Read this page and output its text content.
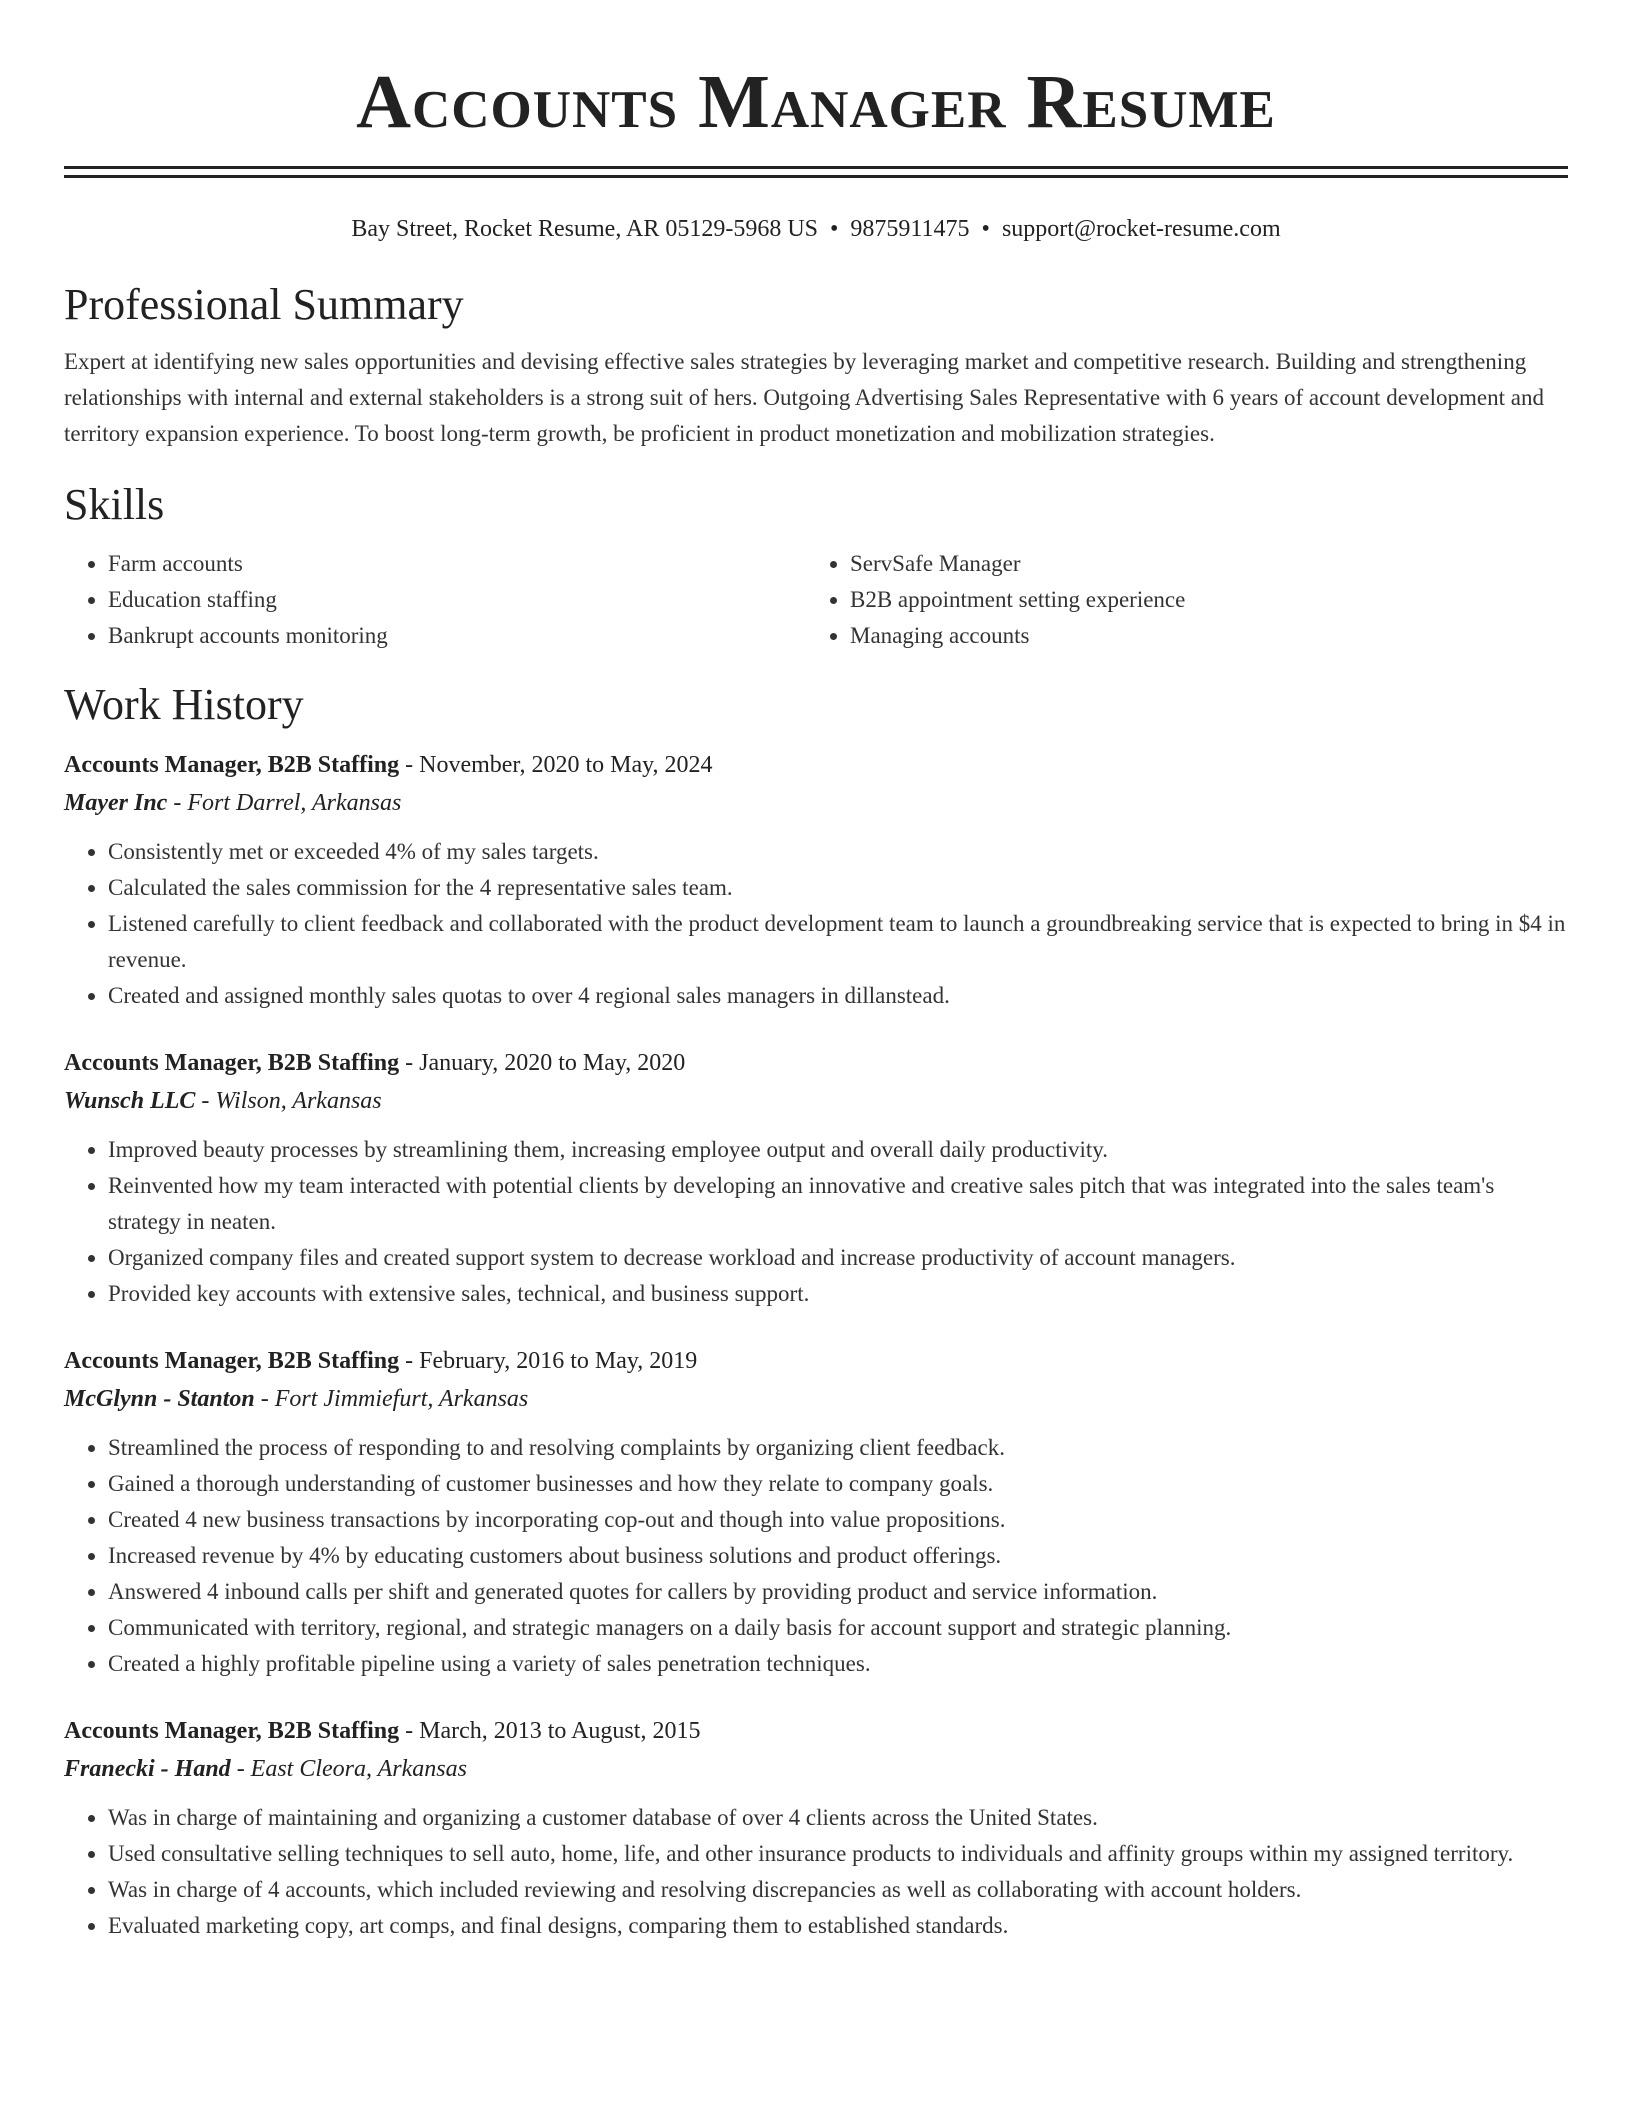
Accounts Manager Resume
Bay Street, Rocket Resume, AR 05129-5968 US • 9875911475 • support@rocket-resume.com
Professional Summary
Expert at identifying new sales opportunities and devising effective sales strategies by leveraging market and competitive research. Building and strengthening relationships with internal and external stakeholders is a strong suit of hers. Outgoing Advertising Sales Representative with 6 years of account development and territory expansion experience. To boost long-term growth, be proficient in product monetization and mobilization strategies.
Skills
• Farm accounts
• Education staffing
• Bankrupt accounts monitoring
• ServSafe Manager
• B2B appointment setting experience
• Managing accounts
Work History
Accounts Manager, B2B Staffing - November, 2020 to May, 2024
Mayer Inc - Fort Darrel, Arkansas
• Consistently met or exceeded 4% of my sales targets.
• Calculated the sales commission for the 4 representative sales team.
• Listened carefully to client feedback and collaborated with the product development team to launch a groundbreaking service that is expected to bring in $4 in revenue.
• Created and assigned monthly sales quotas to over 4 regional sales managers in dillanstead.
Accounts Manager, B2B Staffing - January, 2020 to May, 2020
Wunsch LLC - Wilson, Arkansas
• Improved beauty processes by streamlining them, increasing employee output and overall daily productivity.
• Reinvented how my team interacted with potential clients by developing an innovative and creative sales pitch that was integrated into the sales team's strategy in neaten.
• Organized company files and created support system to decrease workload and increase productivity of account managers.
• Provided key accounts with extensive sales, technical, and business support.
Accounts Manager, B2B Staffing - February, 2016 to May, 2019
McGlynn - Stanton - Fort Jimmiefurt, Arkansas
• Streamlined the process of responding to and resolving complaints by organizing client feedback.
• Gained a thorough understanding of customer businesses and how they relate to company goals.
• Created 4 new business transactions by incorporating cop-out and though into value propositions.
• Increased revenue by 4% by educating customers about business solutions and product offerings.
• Answered 4 inbound calls per shift and generated quotes for callers by providing product and service information.
• Communicated with territory, regional, and strategic managers on a daily basis for account support and strategic planning.
• Created a highly profitable pipeline using a variety of sales penetration techniques.
Accounts Manager, B2B Staffing - March, 2013 to August, 2015
Franecki - Hand - East Cleora, Arkansas
• Was in charge of maintaining and organizing a customer database of over 4 clients across the United States.
• Used consultative selling techniques to sell auto, home, life, and other insurance products to individuals and affinity groups within my assigned territory.
• Was in charge of 4 accounts, which included reviewing and resolving discrepancies as well as collaborating with account holders.
• Evaluated marketing copy, art comps, and final designs, comparing them to established standards.
